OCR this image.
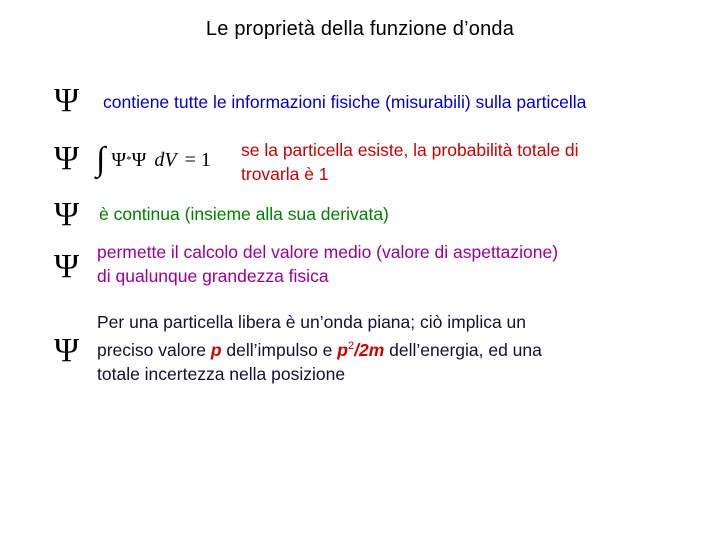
Le proprietà della funzione d’onda
Ψ contiene tutte le informazioni fisiche (misurabili) sulla particella
Ψ ∫ Ψ * Ψ dV = 1 se la particella esiste, la probabilità totale di
trovarla è 1
Ψ è continua (insieme alla sua derivata)
Ψ permette il calcolo del valore medio (valore di aspettazione)
di qualunque grandezza fisica
Ψ
Per una particella libera è un’onda piana; ciò implica un
preciso valore p dell’impulso e $p^2/2m$ dell’energia, ed una
totale incertezza nella posizione
